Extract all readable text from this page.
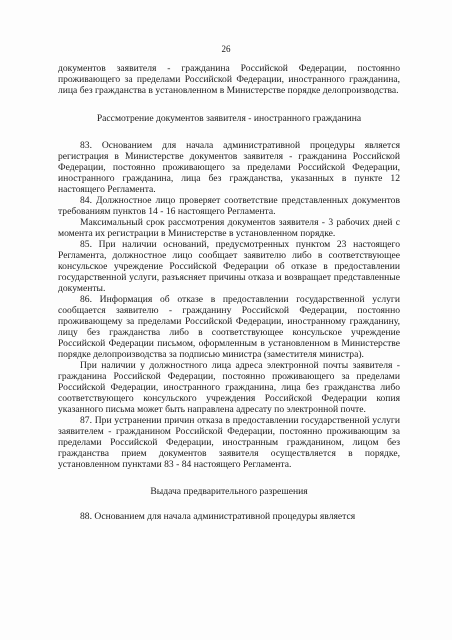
26

документов заявителя - гражданина Российской Федерации, постоянно проживающего за пределами Российской Федерации, иностранного гражданина, лица без гражданства в установленном в Министерстве порядке делопроизводства.

Рассмотрение документов заявителя - иностранного гражданина

83. Основанием для начала административной процедуры является регистрация в Министерстве документов заявителя - гражданина Российской Федерации, постоянно проживающего за пределами Российской Федерации, иностранного гражданина, лица без гражданства, указанных в пункте 12 настоящего Регламента.

84. Должностное лицо проверяет соответствие представленных документов требованиям пунктов 14 - 16 настоящего Регламента.

Максимальный срок рассмотрения документов заявителя - 3 рабочих дней с момента их регистрации в Министерстве в установленном порядке.

85. При наличии оснований, предусмотренных пунктом 23 настоящего Регламента, должностное лицо сообщает заявителю либо в соответствующее консульское учреждение Российской Федерации об отказе в предоставлении государственной услуги, разъясняет причины отказа и возвращает представленные документы.

86. Информация об отказе в предоставлении государственной услуги сообщается заявителю - гражданину Российской Федерации, постоянно проживающему за пределами Российской Федерации, иностранному гражданину, лицу без гражданства либо в соответствующее консульское учреждение Российской Федерации письмом, оформленным в установленном в Министерстве порядке делопроизводства за подписью министра (заместителя министра).

При наличии у должностного лица адреса электронной почты заявителя - гражданина Российской Федерации, постоянно проживающего за пределами Российской Федерации, иностранного гражданина, лица без гражданства либо соответствующего консульского учреждения Российской Федерации копия указанного письма может быть направлена адресату по электронной почте.

87. При устранении причин отказа в предоставлении государственной услуги заявителем - гражданином Российской Федерации, постоянно проживающим за пределами Российской Федерации, иностранным гражданином, лицом без гражданства прием документов заявителя осуществляется в порядке, установленном пунктами 83 - 84 настоящего Регламента.

Выдача предварительного разрешения

88. Основанием для начала административной процедуры является
